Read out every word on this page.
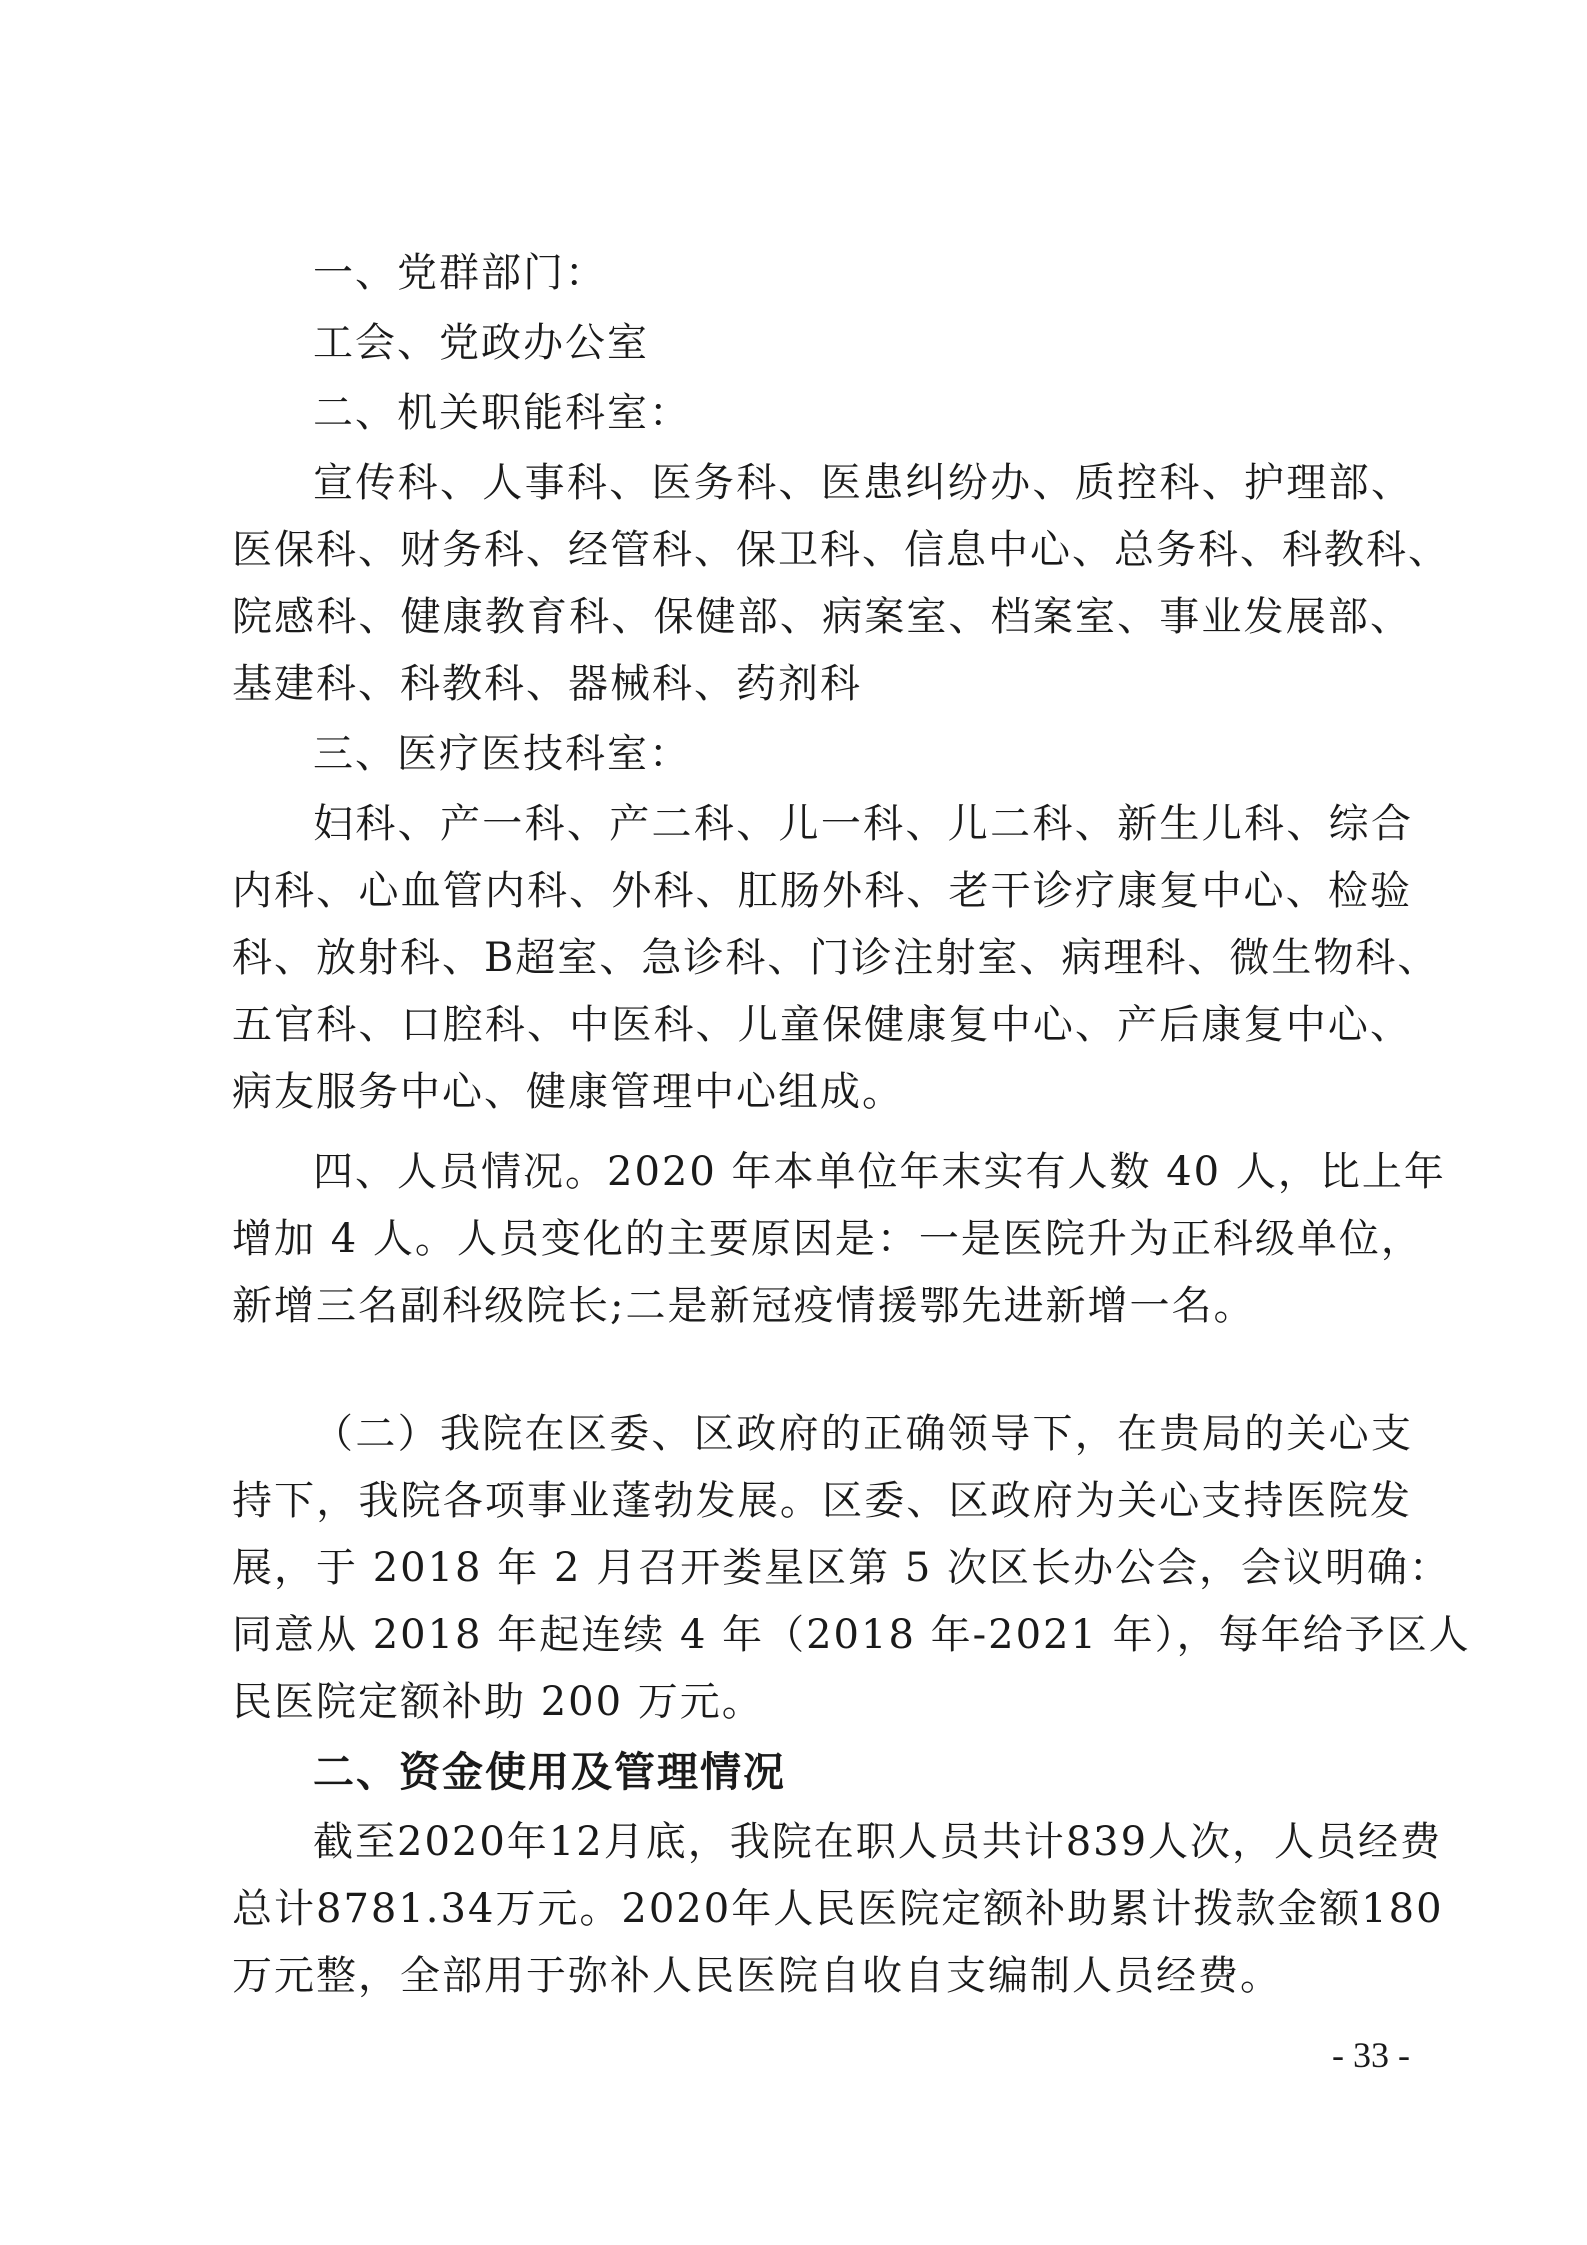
一、党群部门：
工会、党政办公室
二、机关职能科室：
宣传科、人事科、医务科、医患纠纷办、质控科、护理部、
医保科、财务科、经管科、保卫科、信息中心、总务科、科教科、
院感科、健康教育科、保健部、病案室、档案室、事业发展部、
基建科、科教科、器械科、药剂科
三、医疗医技科室：
妇科、产一科、产二科、儿一科、儿二科、新生儿科、综合
内科、心血管内科、外科、肛肠外科、老干诊疗康复中心、检验
科、放射科、B超室、急诊科、门诊注射室、病理科、微生物科、
五官科、口腔科、中医科、儿童保健康复中心、产后康复中心、
病友服务中心、健康管理中心组成。
四、人员情况。2020 年本单位年末实有人数 40 人，比上年
增加 4 人。人员变化的主要原因是：一是医院升为正科级单位，
新增三名副科级院长;二是新冠疫情援鄂先进新增一名。
（二）我院在区委、区政府的正确领导下，在贵局的关心支
持下，我院各项事业蓬勃发展。区委、区政府为关心支持医院发
展，于 2018 年 2 月召开娄星区第 5 次区长办公会，会议明确：
同意从 2018 年起连续 4 年（2018 年-2021 年），每年给予区人
民医院定额补助 200 万元。
二、资金使用及管理情况
截至2020年12月底，我院在职人员共计839人次，人员经费
总计8781.34万元。2020年人民医院定额补助累计拨款金额180
万元整，全部用于弥补人民医院自收自支编制人员经费。
- 33 -
